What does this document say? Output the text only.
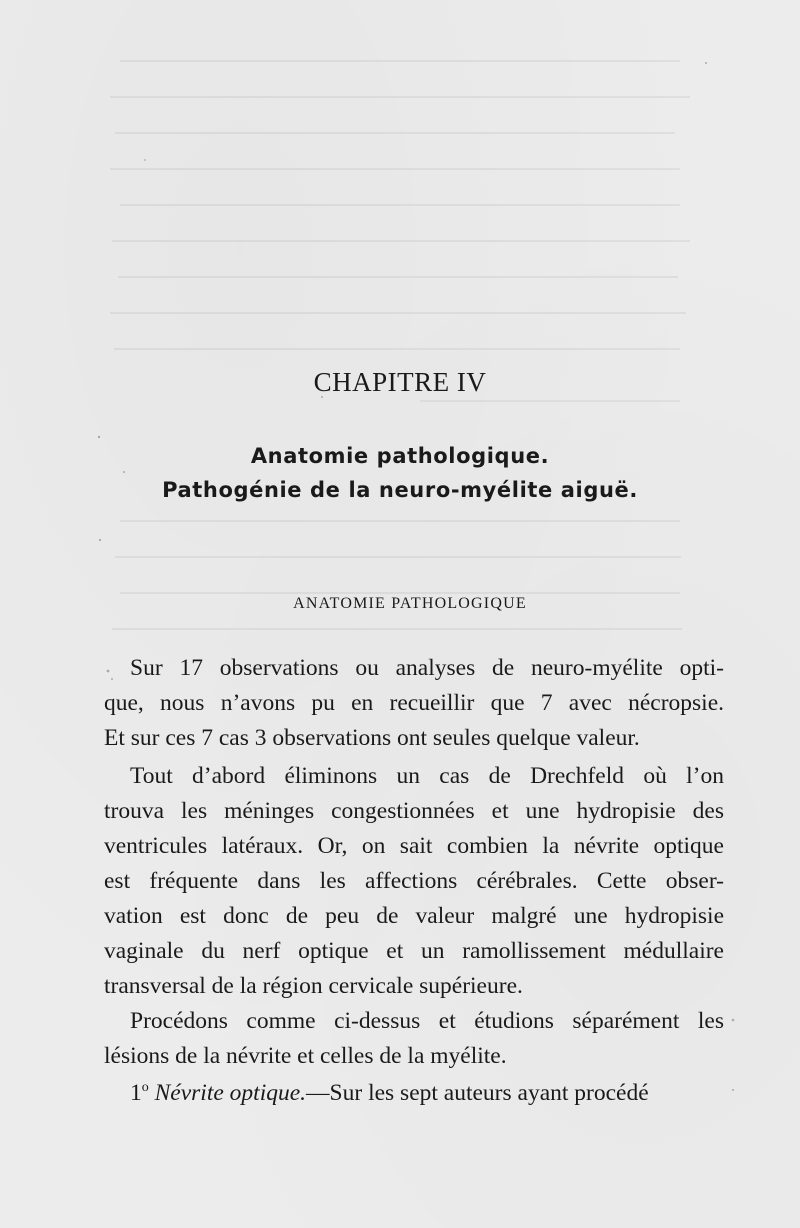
CHAPITRE IV
Anatomie pathologique.
Pathogénie de la neuro-myélite aiguë.
ANATOMIE PATHOLOGIQUE
Sur 17 observations ou analyses de neuro-myélite opti-
que, nous n’avons pu en recueillir que 7 avec nécropsie.
Et sur ces 7 cas 3 observations ont seules quelque valeur.
Tout d’abord éliminons un cas de Drechfeld où l’on
trouva les méninges congestionnées et une hydropisie des
ventricules latéraux. Or, on sait combien la névrite optique
est fréquente dans les affections cérébrales. Cette obser-
vation est donc de peu de valeur malgré une hydropisie
vaginale du nerf optique et un ramollissement médullaire
transversal de la région cervicale supérieure.
Procédons comme ci-dessus et étudions séparément les
lésions de la névrite et celles de la myélite.
1$^o$ Névrite optique.—Sur les sept auteurs ayant procédé
